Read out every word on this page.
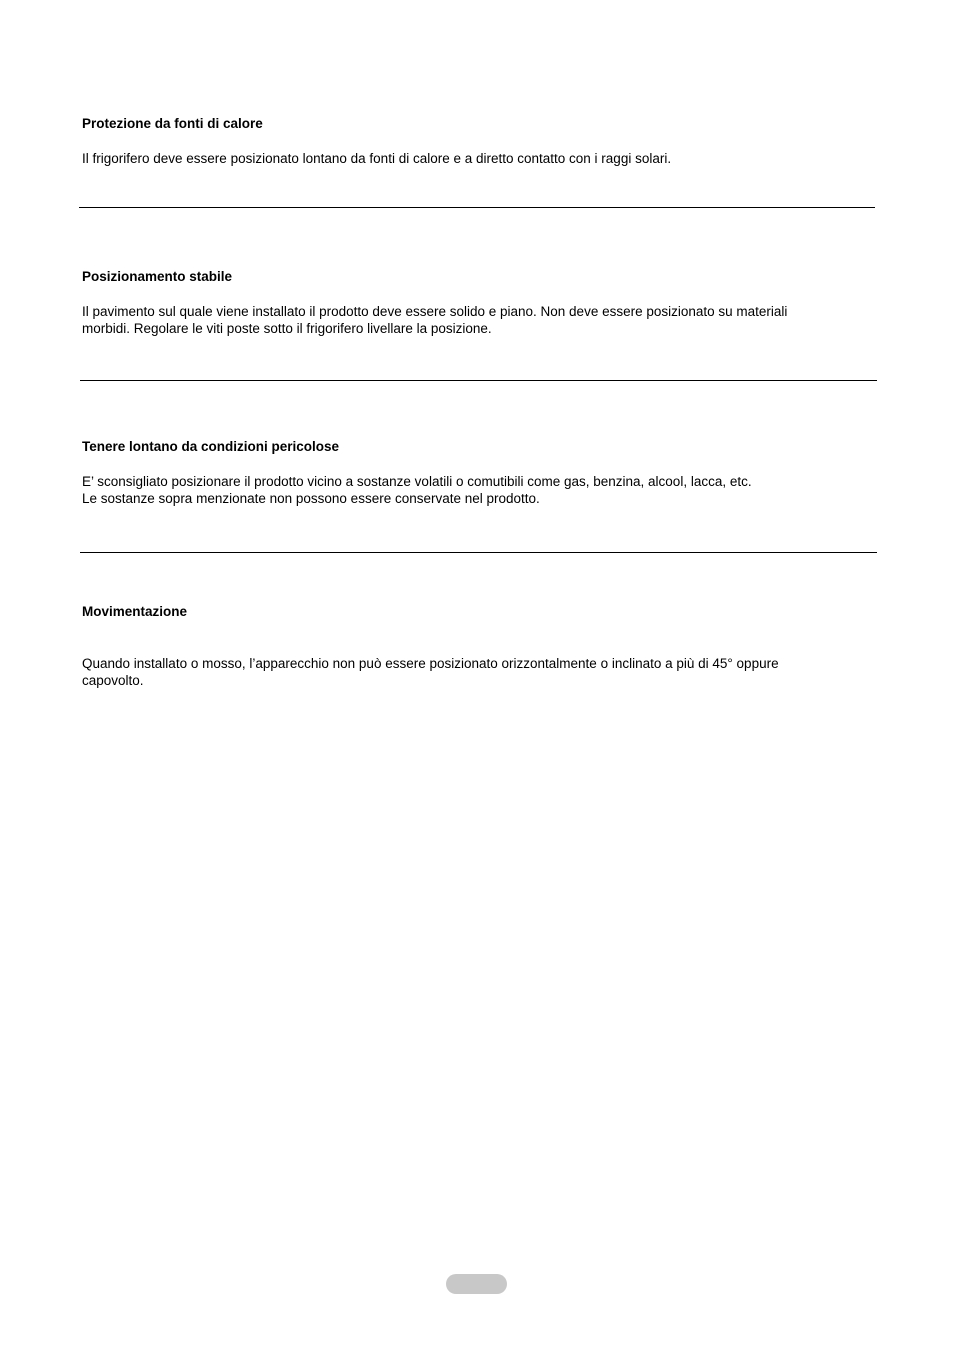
Protezione da fonti di calore
Il frigorifero deve essere posizionato lontano da fonti di calore e a diretto contatto con i raggi solari.
Posizionamento stabile
Il pavimento sul quale viene installato il prodotto deve essere solido e piano. Non deve essere posizionato su materiali
morbidi. Regolare le viti poste sotto il frigorifero livellare la posizione.
Tenere lontano da condizioni pericolose
E’ sconsigliato posizionare il prodotto vicino a sostanze volatili o comutibili come gas, benzina, alcool, lacca, etc.
Le sostanze sopra menzionate non possono essere conservate nel prodotto.
Movimentazione
Quando installato o mosso, l’apparecchio non può essere posizionato orizzontalmente o inclinato a più di 45° oppure
capovolto.
